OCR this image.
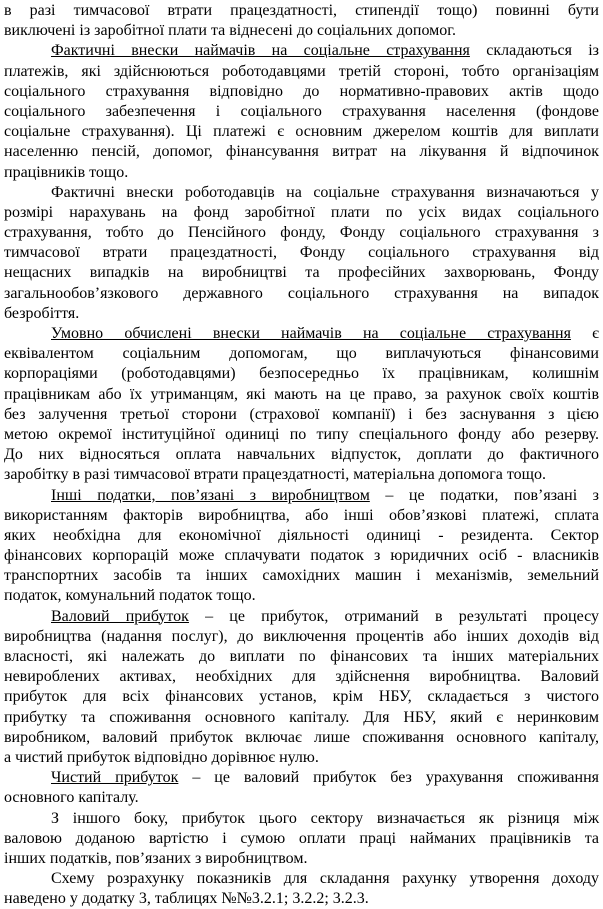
в разі тимчасової втрати працездатності, стипендії тощо) повинні бути
виключені із заробітної плати та віднесені до соціальних допомог.
Фактичні внески наймачів на соціальне страхування складаються із
платежів, які здійснюються роботодавцями третій стороні, тобто організаціям
соціального страхування відповідно до нормативно-правових актів щодо
соціального забезпечення і соціального страхування населення (фондове
соціальне страхування). Ці платежі є основним джерелом коштів для виплати
населенню пенсій, допомог, фінансування витрат на лікування й відпочинок
працівників тощо.
Фактичні внески роботодавців на соціальне страхування визначаються у
розмірі нарахувань на фонд заробітної плати по усіх видах соціального
страхування, тобто до Пенсійного фонду, Фонду соціального страхування з
тимчасової втрати працездатності, Фонду соціального страхування від
нещасних випадків на виробництві та професійних захворювань, Фонду
загальнообов’язкового державного соціального страхування на випадок
безробіття.
Умовно обчислені внески наймачів на соціальне страхування є
еквівалентом соціальним допомогам, що виплачуються фінансовими
корпораціями (роботодавцями) безпосередньо їх працівникам, колишнім
працівникам або їх утриманцям, які мають на це право, за рахунок своїх коштів
без залучення третьої сторони (страхової компанії) і без заснування з цією
метою окремої інституційної одиниці по типу спеціального фонду або резерву.
До них відносяться оплата навчальних відпусток, доплати до фактичного
заробітку в разі тимчасової втрати працездатності, матеріальна допомога тощо.
Інші податки, пов’язані з виробництвом – це податки, пов’язані з
використанням факторів виробництва, або інші обов’язкові платежі, сплата
яких необхідна для економічної діяльності одиниці - резидента. Сектор
фінансових корпорацій може сплачувати податок з юридичних осіб - власників
транспортних засобів та інших самохідних машин і механізмів, земельний
податок, комунальний податок тощо.
Валовий прибуток – це прибуток, отриманий в результаті процесу
виробництва (надання послуг), до виключення процентів або інших доходів від
власності, які належать до виплати по фінансових та інших матеріальних
невироблених активах, необхідних для здійснення виробництва. Валовий
прибуток для всіх фінансових установ, крім НБУ, складається з чистого
прибутку та споживання основного капіталу. Для НБУ, який є неринковим
виробником, валовий прибуток включає лише споживання основного капіталу,
а чистий прибуток відповідно дорівнює нулю.
Чистий прибуток – це валовий прибуток без урахування споживання
основного капіталу.
З іншого боку, прибуток цього сектору визначається як різниця між
валовою доданою вартістю і сумою оплати праці найманих працівників та
інших податків, пов’язаних з виробництвом.
Схему розрахунку показників для складання рахунку утворення доходу
наведено у додатку 3, таблицях №№3.2.1; 3.2.2; 3.2.3.
